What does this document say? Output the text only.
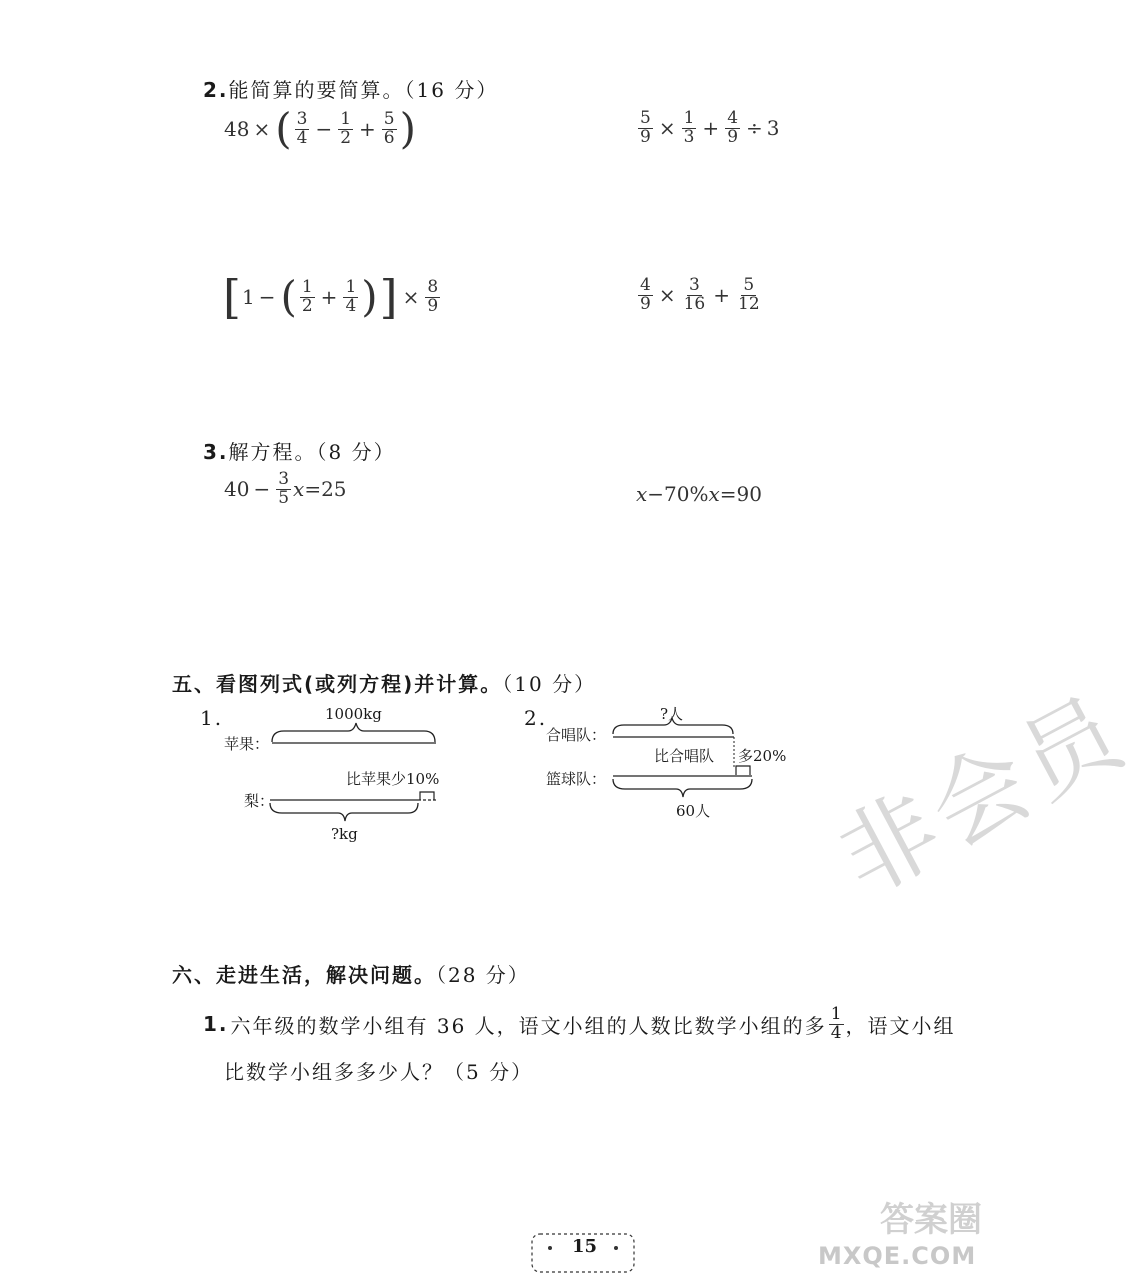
非会员
答案圈
MXQE.COM
2.能简算的要简算。（16 分）
48 × ( $\frac{3}{4} - \frac{1}{2} + \frac{5}{6}$ )	$\frac{5}{9} \times \frac{1}{3} + \frac{4}{9} \div 3$
[ 1 − ( $\frac{1}{2} + \frac{1}{4}$ ) ] × $\frac{8}{9}$	$\frac{4}{9} \times \frac{3}{16} + \frac{5}{12}$
3.解方程。（8 分）
$40 - \frac{3}{5}$ x =25	x −70% x =90
五、看图列式(或列方程)并计算。（10 分）
1.	1000kg
苹果：
比苹果少10%
梨：
?kg
2.	?人
合唱队：
比合唱队 多20%
篮球队：
60人
六、走进生活，解决问题。（28 分）
1. 六年级的数学小组有 36 人，语文小组的人数比数学小组的多 $\frac{1}{4}$ ，语文小组
比数学小组多多少人？（5 分）
15
